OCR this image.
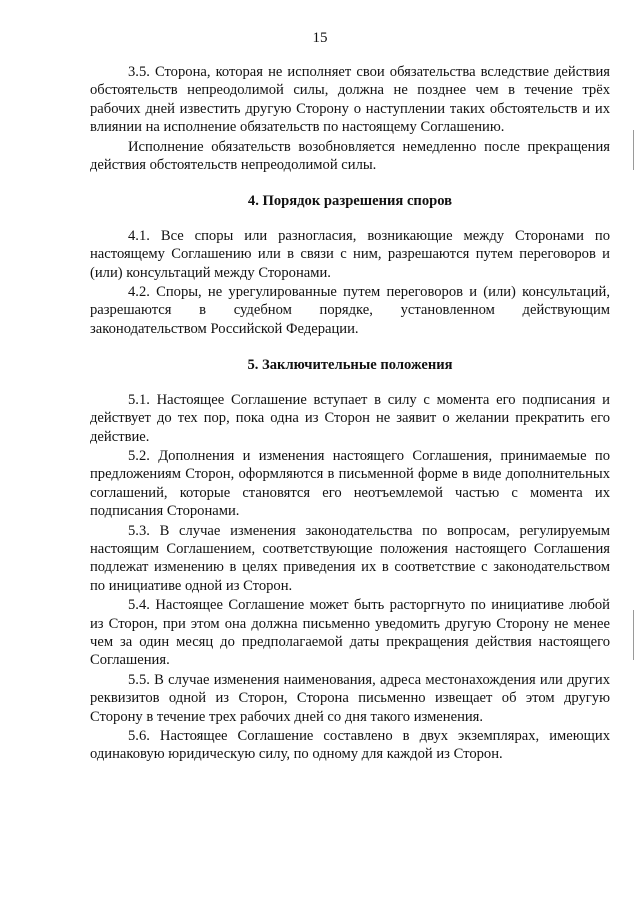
15

3.5. Сторона, которая не исполняет свои обязательства вследствие действия обстоятельств непреодолимой силы, должна не позднее чем в течение трёх рабочих дней известить другую Сторону о наступлении таких обстоятельств и их влиянии на исполнение обязательств по настоящему Соглашению.

Исполнение обязательств возобновляется немедленно после прекращения действия обстоятельств непреодолимой силы.

4. Порядок разрешения споров

4.1. Все споры или разногласия, возникающие между Сторонами по настоящему Соглашению или в связи с ним, разрешаются путем переговоров и (или) консультаций между Сторонами.

4.2. Споры, не урегулированные путем переговоров и (или) консультаций, разрешаются в судебном порядке, установленном действующим законодательством Российской Федерации.

5. Заключительные положения

5.1. Настоящее Соглашение вступает в силу с момента его подписания и действует до тех пор, пока одна из Сторон не заявит о желании прекратить его действие.

5.2. Дополнения и изменения настоящего Соглашения, принимаемые по предложениям Сторон, оформляются в письменной форме в виде дополнительных соглашений, которые становятся его неотъемлемой частью с момента их подписания Сторонами.

5.3. В случае изменения законодательства по вопросам, регулируемым настоящим Соглашением, соответствующие положения настоящего Соглашения подлежат изменению в целях приведения их в соответствие с законодательством по инициативе одной из Сторон.

5.4. Настоящее Соглашение может быть расторгнуто по инициативе любой из Сторон, при этом она должна письменно уведомить другую Сторону не менее чем за один месяц до предполагаемой даты прекращения действия настоящего Соглашения.

5.5. В случае изменения наименования, адреса местонахождения или других реквизитов одной из Сторон, Сторона письменно извещает об этом другую Сторону в течение трех рабочих дней со дня такого изменения.

5.6. Настоящее Соглашение составлено в двух экземплярах, имеющих одинаковую юридическую силу, по одному для каждой из Сторон.
